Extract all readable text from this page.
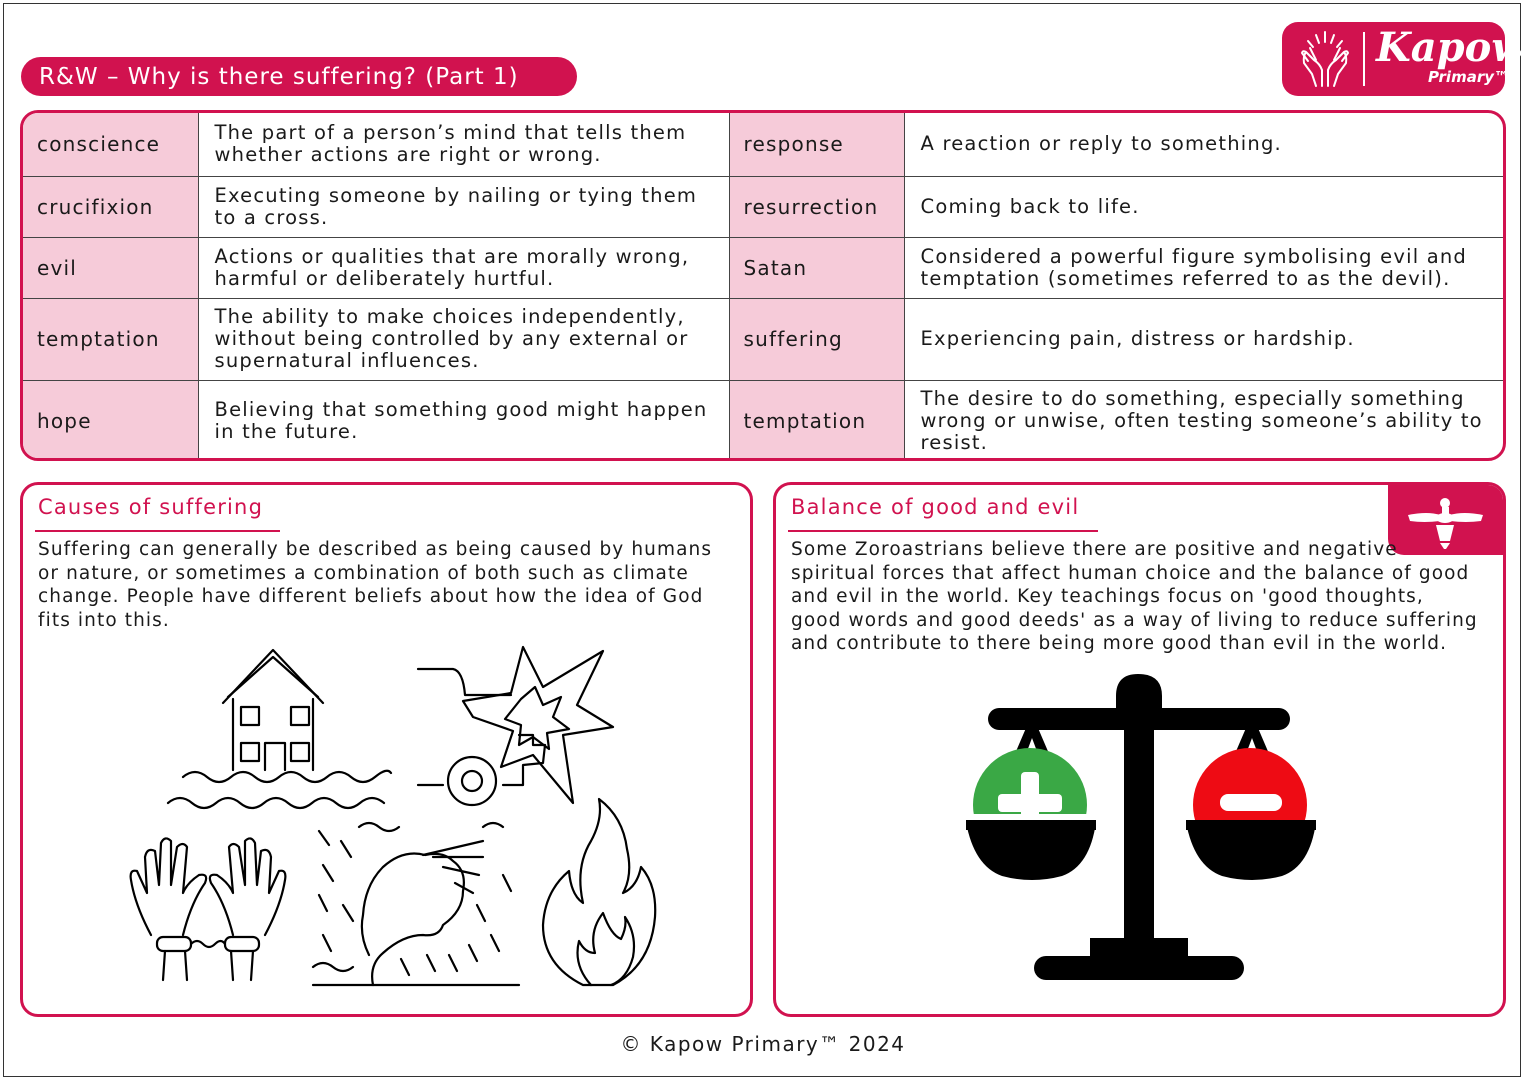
R&W – Why is there suffering? (Part 1)
Kapow
Primary™
conscience	The part of a person’s mind that tells them whether actions are right or wrong.	response	A reaction or reply to something.
crucifixion	Executing someone by nailing or tying them to a cross.	resurrection	Coming back to life.
evil	Actions or qualities that are morally wrong, harmful or deliberately hurtful.	Satan	Considered a powerful figure symbolising evil and temptation (sometimes referred to as the devil).
temptation	The ability to make choices independently, without being controlled by any external or supernatural influences.	suffering	Experiencing pain, distress or hardship.
hope	Believing that something good might happen in the future.	temptation	The desire to do something, especially something wrong or unwise, often testing someone’s ability to resist.
Causes of suffering
Suffering can generally be described as being caused by humans or nature, or sometimes a combination of both such as climate change. People have different beliefs about how the idea of God fits into this.
Balance of good and evil
Some Zoroastrians believe there are positive and negative spiritual forces that affect human choice and the balance of good and evil in the world. Key teachings focus on 'good thoughts, good words and good deeds' as a way of living to reduce suffering and contribute to there being more good than evil in the world.
© Kapow Primary™ 2024
